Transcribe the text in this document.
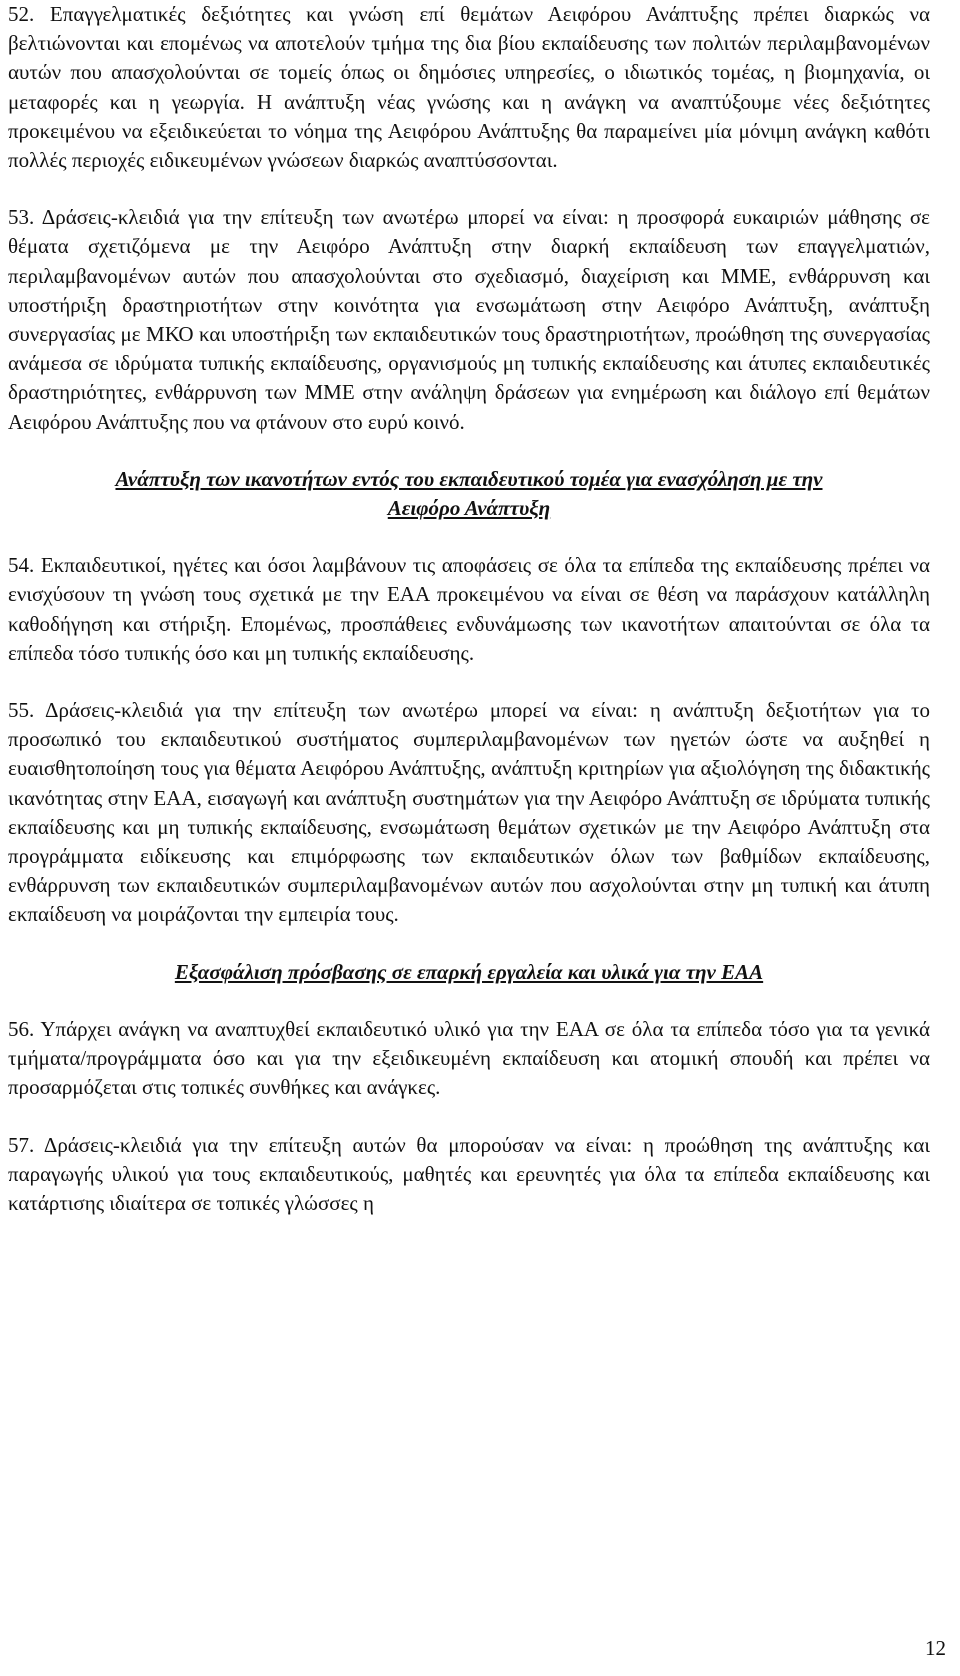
52. Επαγγελματικές δεξιότητες και γνώση επί θεμάτων Αειφόρου Ανάπτυξης πρέπει διαρκώς να βελτιώνονται και επομένως να αποτελούν τμήμα της δια βίου εκπαίδευσης των πολιτών περιλαμβανομένων αυτών που απασχολούνται σε τομείς όπως οι δημόσιες υπηρεσίες, ο ιδιωτικός τομέας, η βιομηχανία, οι μεταφορές και η γεωργία. Η ανάπτυξη νέας γνώσης και η ανάγκη να αναπτύξουμε νέες δεξιότητες προκειμένου να εξειδικεύεται το νόημα της Αειφόρου Ανάπτυξης θα παραμείνει μία μόνιμη ανάγκη καθότι πολλές περιοχές ειδικευμένων γνώσεων διαρκώς αναπτύσσονται.

53. Δράσεις-κλειδιά για την επίτευξη των ανωτέρω μπορεί να είναι: η προσφορά ευκαιριών μάθησης σε θέματα σχετιζόμενα με την Αειφόρο Ανάπτυξη στην διαρκή εκπαίδευση των επαγγελματιών, περιλαμβανομένων αυτών που απασχολούνται στο σχεδιασμό, διαχείριση και ΜΜΕ, ενθάρρυνση και υποστήριξη δραστηριοτήτων στην κοινότητα για ενσωμάτωση στην Αειφόρο Ανάπτυξη, ανάπτυξη συνεργασίας με ΜΚΟ και υποστήριξη των εκπαιδευτικών τους δραστηριοτήτων, προώθηση της συνεργασίας ανάμεσα σε ιδρύματα τυπικής εκπαίδευσης, οργανισμούς μη τυπικής εκπαίδευσης και άτυπες εκπαιδευτικές δραστηριότητες, ενθάρρυνση των ΜΜΕ στην ανάληψη δράσεων για ενημέρωση και διάλογο επί θεμάτων Αειφόρου Ανάπτυξης που να φτάνουν στο ευρύ κοινό.

Ανάπτυξη των ικανοτήτων εντός του εκπαιδευτικού τομέα για ενασχόληση με την
Αειφόρο Ανάπτυξη

54. Εκπαιδευτικοί, ηγέτες και όσοι λαμβάνουν τις αποφάσεις σε όλα τα επίπεδα της εκπαίδευσης πρέπει να ενισχύσουν τη γνώση τους σχετικά με την ΕΑΑ προκειμένου να είναι σε θέση να παράσχουν κατάλληλη καθοδήγηση και στήριξη. Επομένως, προσπάθειες ενδυνάμωσης των ικανοτήτων απαιτούνται σε όλα τα επίπεδα τόσο τυπικής όσο και μη τυπικής εκπαίδευσης.

55. Δράσεις-κλειδιά για την επίτευξη των ανωτέρω μπορεί να είναι: η ανάπτυξη δεξιοτήτων για το προσωπικό του εκπαιδευτικού συστήματος συμπεριλαμβανομένων των ηγετών ώστε να αυξηθεί η ευαισθητοποίηση τους για θέματα Αειφόρου Ανάπτυξης, ανάπτυξη κριτηρίων για αξιολόγηση της διδακτικής ικανότητας στην ΕΑΑ, εισαγωγή και ανάπτυξη συστημάτων για την Αειφόρο Ανάπτυξη σε ιδρύματα τυπικής εκπαίδευσης και μη τυπικής εκπαίδευσης, ενσωμάτωση θεμάτων σχετικών με την Αειφόρο Ανάπτυξη στα προγράμματα ειδίκευσης και επιμόρφωσης των εκπαιδευτικών όλων των βαθμίδων εκπαίδευσης, ενθάρρυνση των εκπαιδευτικών συμπεριλαμβανομένων αυτών που ασχολούνται στην μη τυπική και άτυπη εκπαίδευση να μοιράζονται την εμπειρία τους.

Εξασφάλιση πρόσβασης σε επαρκή εργαλεία και υλικά για την ΕΑΑ

56. Υπάρχει ανάγκη να αναπτυχθεί εκπαιδευτικό υλικό για την ΕΑΑ σε όλα τα επίπεδα τόσο για τα γενικά τμήματα/προγράμματα όσο και για την εξειδικευμένη εκπαίδευση και ατομική σπουδή και πρέπει να προσαρμόζεται στις τοπικές συνθήκες και ανάγκες.

57. Δράσεις-κλειδιά για την επίτευξη αυτών θα μπορούσαν να είναι: η προώθηση της ανάπτυξης και παραγωγής υλικού για τους εκπαιδευτικούς, μαθητές και ερευνητές για όλα τα επίπεδα εκπαίδευσης και κατάρτισης ιδιαίτερα σε τοπικές γλώσσες η

12
